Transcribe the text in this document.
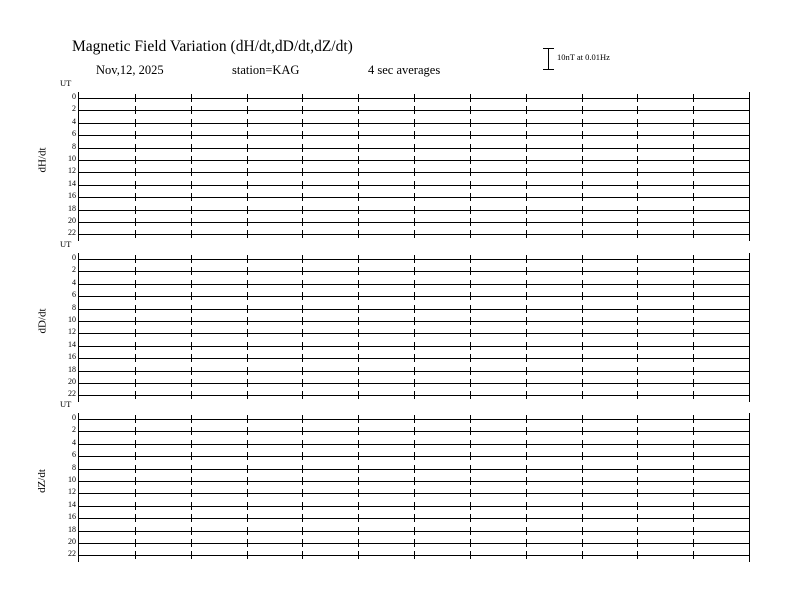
Magnetic Field Variation (dH/dt,dD/dt,dZ/dt)
Nov,12, 2025	station=KAG	4 sec averages
10nT at 0.01Hz
UT
dH/dt
0
2
4
6
8
10
12
14
16
18
20
22
UT
dD/dt
0
2
4
6
8
10
12
14
16
18
20
22
UT
dZ/dt
0
2
4
6
8
10
12
14
16
18
20
22
